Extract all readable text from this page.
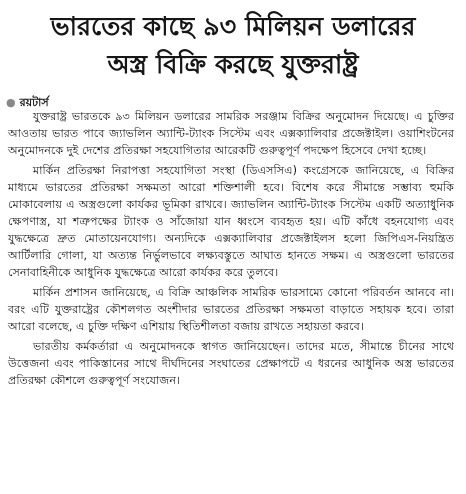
ভারতের কাছে ৯৩ মিলিয়ন ডলারের
অস্ত্র বিক্রি করছে যুক্তরাষ্ট্র
● রয়টার্স

যুক্তরাষ্ট্র ভারতকে ৯৩ মিলিয়ন ডলারের সামরিক সরঞ্জাম বিক্রির অনুমোদন দিয়েছে। এ চুক্তির আওতায় ভারত পাবে জ্যাভলিন অ্যান্টি-ট্যাংক সিস্টেম এবং এক্সক্যালিবার প্রজেক্টাইল। ওয়াশিংটনের অনুমোদনকে দুই দেশের প্রতিরক্ষা সহযোগিতার আরেকটি গুরুত্বপূর্ণ পদক্ষেপ হিসেবে দেখা হচ্ছে।

মার্কিন প্রতিরক্ষা নিরাপত্তা সহযোগিতা সংস্থা (ডিএসসিএ) কংগ্রেসকে জানিয়েছে, এ বিক্রির মাধ্যমে ভারতের প্রতিরক্ষা সক্ষমতা আরো শক্তিশালী হবে। বিশেষ করে সীমান্তে সম্ভাব্য হুমকি মোকাবেলায় এ অস্ত্রগুলো কার্যকর ভূমিকা রাখবে। জ্যাভলিন অ্যান্টি-ট্যাংক সিস্টেম একটি অত্যাধুনিক ক্ষেপণাস্ত্র, যা শত্রুপক্ষের ট্যাংক ও সাঁজোয়া যান ধ্বংসে ব্যবহৃত হয়। এটি কাঁধে বহনযোগ্য এবং যুদ্ধক্ষেত্রে দ্রুত মোতায়েনযোগ্য। অন্যদিকে এক্সক্যালিবার প্রজেক্টাইলস হলো জিপিএস-নিয়ন্ত্রিত আর্টিলারি গোলা, যা অত্যন্ত নির্ভুলভাবে লক্ষ্যবস্তুতে আঘাত হানতে সক্ষম। এ অস্ত্রগুলো ভারতের সেনাবাহিনীকে আধুনিক যুদ্ধক্ষেত্রে আরো কার্যকর করে তুলবে।

মার্কিন প্রশাসন জানিয়েছে, এ বিক্রি আঞ্চলিক সামরিক ভারসাম্যে কোনো পরিবর্তন আনবে না। বরং এটি যুক্তরাষ্ট্রের কৌশলগত অংশীদার ভারতের প্রতিরক্ষা সক্ষমতা বাড়াতে সহায়ক হবে। তারা আরো বলেছে, এ চুক্তি দক্ষিণ এশিয়ায় স্থিতিশীলতা বজায় রাখতে সহায়তা করবে।

ভারতীয় কর্মকর্তারা এ অনুমোদনকে স্বাগত জানিয়েছেন। তাদের মতে, সীমান্তে চীনের সাথে উত্তেজনা এবং পাকিস্তানের সাথে দীর্ঘদিনের সংঘাতের প্রেক্ষাপটে এ ধরনের আধুনিক অস্ত্র ভারতের প্রতিরক্ষা কৌশলে গুরুত্বপূর্ণ সংযোজন।
